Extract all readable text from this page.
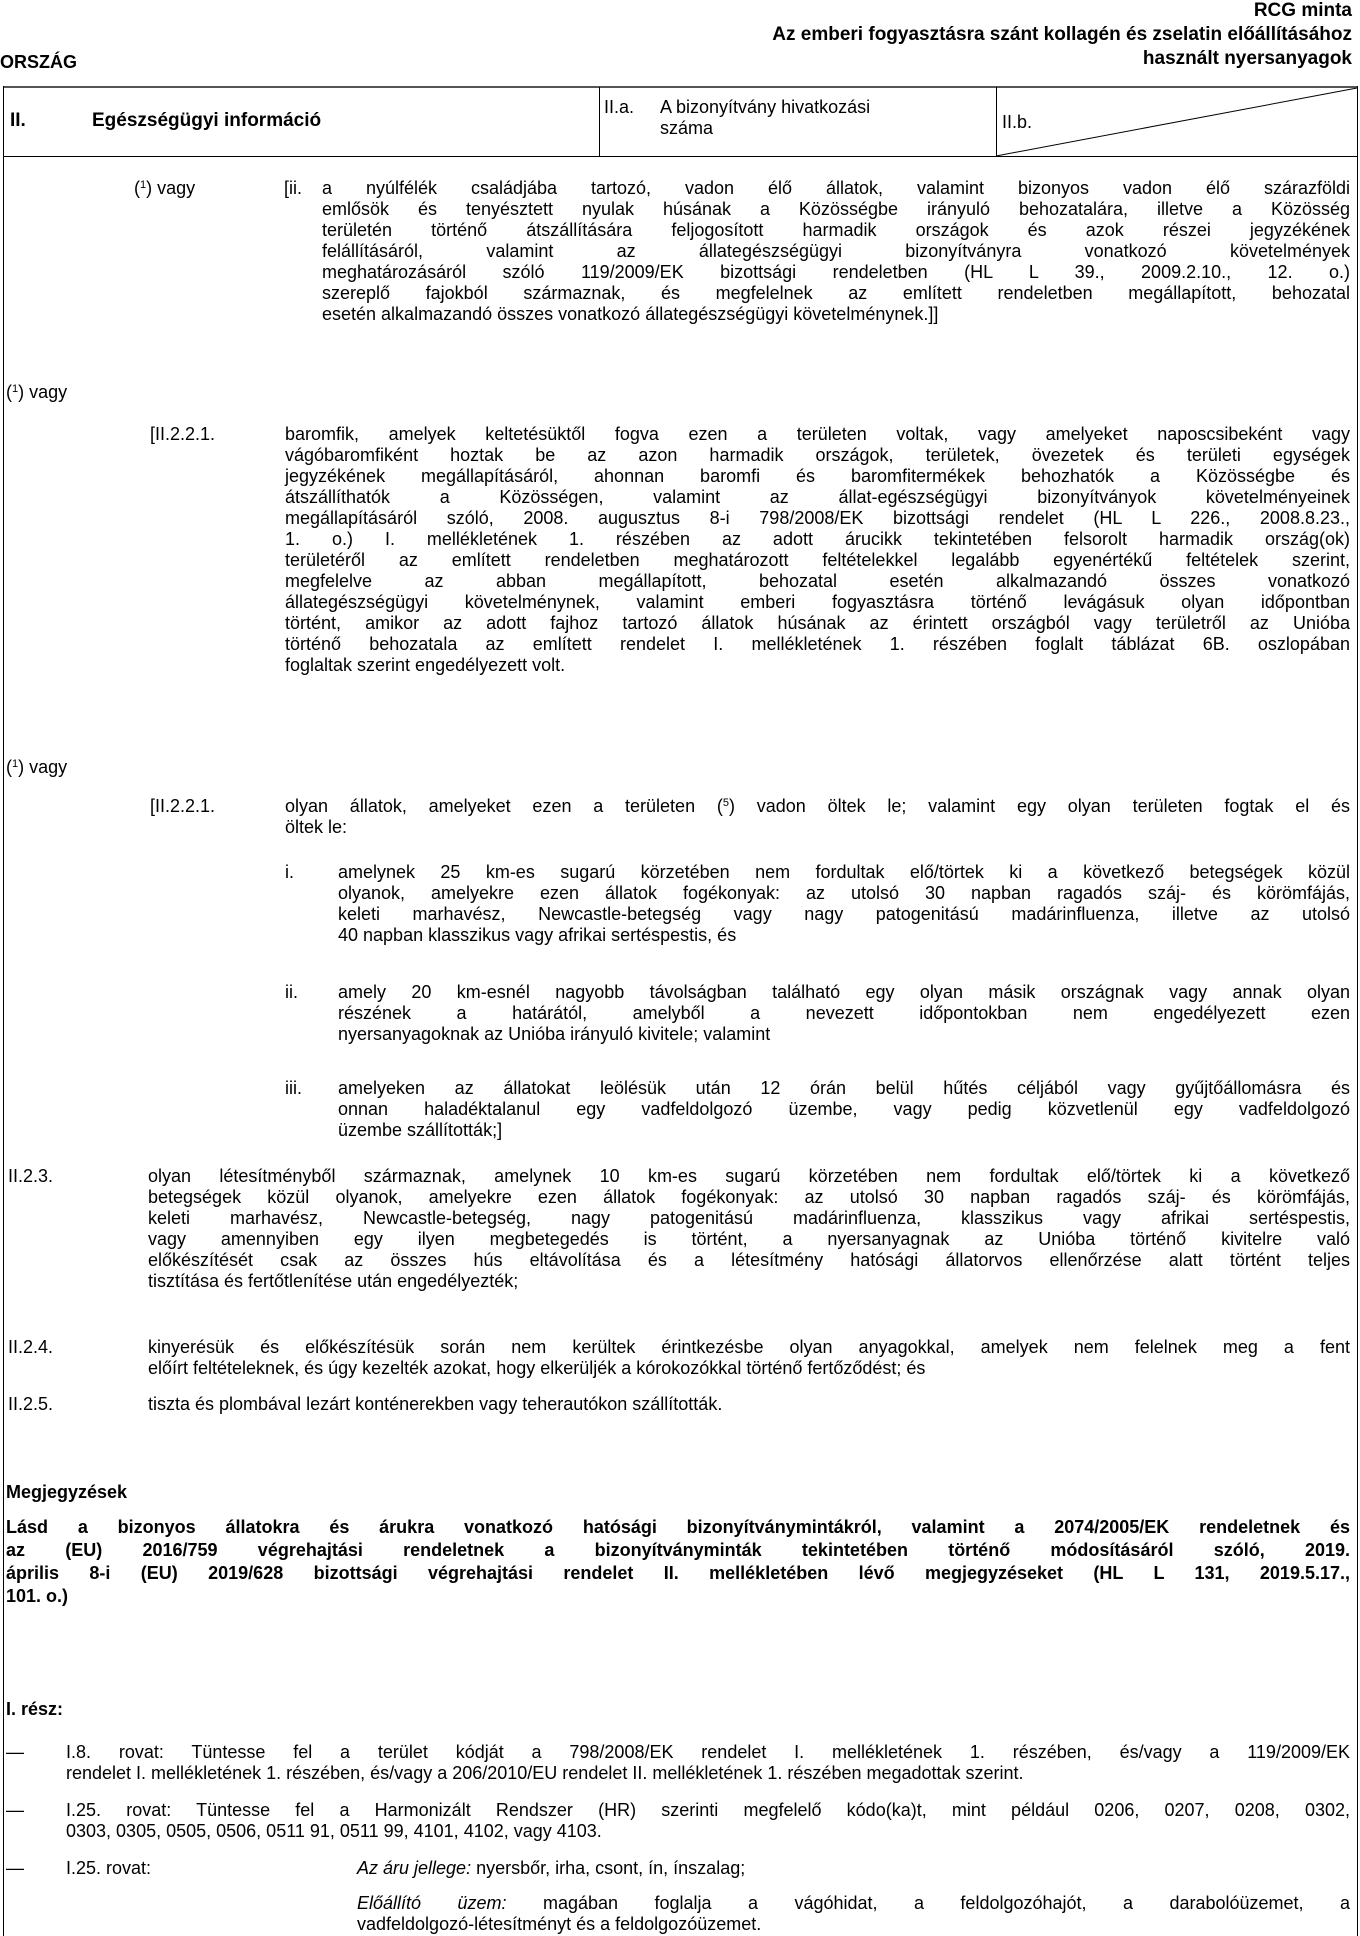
RCG minta
Az emberi fogyasztásra szánt kollagén és zselatin előállításához
használt nyersanyagok
ORSZÁG
II.	Egészségügyi információ
II.a. A bizonyítvány hivatkozási
száma	II.b.
($^1$) vagy	[ii. a nyúlfélék családjába tartozó, vadon élő állatok, valamint bizonyos vadon élő szárazföldi
emlősök és tenyésztett nyulak húsának a Közösségbe irányuló behozatalára, illetve a Közösség
területén történő átszállítására feljogosított harmadik országok és azok részei jegyzékének
felállításáról, valamint az állategészségügyi bizonyítványra vonatkozó követelmények
meghatározásáról szóló 119/2009/EK bizottsági rendeletben (HL L 39., 2009.2.10., 12. o.)
szereplő fajokból származnak, és megfelelnek az említett rendeletben megállapított, behozatal
esetén alkalmazandó összes vonatkozó állategészségügyi követelménynek.]]
($^1$) vagy
[II.2.2.1.	baromfik, amelyek keltetésüktől fogva ezen a területen voltak, vagy amelyeket naposcsibeként vagy
vágóbaromfiként hoztak be az azon harmadik országok, területek, övezetek és területi egységek
jegyzékének megállapításáról, ahonnan baromfi és baromfitermékek behozhatók a Közösségbe és
átszállíthatók a Közösségen, valamint az állat-egészségügyi bizonyítványok követelményeinek
megállapításáról szóló, 2008. augusztus 8-i 798/2008/EK bizottsági rendelet (HL L 226., 2008.8.23.,
1. o.) I. mellékletének 1. részében az adott árucikk tekintetében felsorolt harmadik ország(ok)
területéről az említett rendeletben meghatározott feltételekkel legalább egyenértékű feltételek szerint,
megfelelve az abban megállapított, behozatal esetén alkalmazandó összes vonatkozó
állategészségügyi követelménynek, valamint emberi fogyasztásra történő levágásuk olyan időpontban
történt, amikor az adott fajhoz tartozó állatok húsának az érintett országból vagy területről az Unióba
történő behozatala az említett rendelet I. mellékletének 1. részében foglalt táblázat 6B. oszlopában
foglaltak szerint engedélyezett volt.
($^1$) vagy
[II.2.2.1.	olyan állatok, amelyeket ezen a területen ($^5$) vadon öltek le; valamint egy olyan területen fogtak el és
öltek le:
i. amelynek 25 km-es sugarú körzetében nem fordultak elő/törtek ki a következő betegségek közül
olyanok, amelyekre ezen állatok fogékonyak: az utolsó 30 napban ragadós száj- és körömfájás,
keleti marhavész, Newcastle-betegség vagy nagy patogenitású madárinfluenza, illetve az utolsó
40 napban klasszikus vagy afrikai sertéspestis, és
ii. amely 20 km-esnél nagyobb távolságban található egy olyan másik országnak vagy annak olyan
részének a határától, amelyből a nevezett időpontokban nem engedélyezett ezen
nyersanyagoknak az Unióba irányuló kivitele; valamint
iii. amelyeken az állatokat leölésük után 12 órán belül hűtés céljából vagy gyűjtőállomásra és
onnan haladéktalanul egy vadfeldolgozó üzembe, vagy pedig közvetlenül egy vadfeldolgozó
üzembe szállították;]
II.2.3.	olyan létesítményből származnak, amelynek 10 km-es sugarú körzetében nem fordultak elő/törtek ki a következő
betegségek közül olyanok, amelyekre ezen állatok fogékonyak: az utolsó 30 napban ragadós száj- és körömfájás,
keleti marhavész, Newcastle-betegség, nagy patogenitású madárinfluenza, klasszikus vagy afrikai sertéspestis,
vagy amennyiben egy ilyen megbetegedés is történt, a nyersanyagnak az Unióba történő kivitelre való
előkészítését csak az összes hús eltávolítása és a létesítmény hatósági állatorvos ellenőrzése alatt történt teljes
tisztítása és fertőtlenítése után engedélyezték;
II.2.4.	kinyerésük és előkészítésük során nem kerültek érintkezésbe olyan anyagokkal, amelyek nem felelnek meg a fent
előírt feltételeknek, és úgy kezelték azokat, hogy elkerüljék a kórokozókkal történő fertőződést; és
II.2.5.	tiszta és plombával lezárt konténerekben vagy teherautókon szállították.
Megjegyzések
Lásd a bizonyos állatokra és árukra vonatkozó hatósági bizonyítványmintákról, valamint a 2074/2005/EK rendeletnek és
az (EU) 2016/759 végrehajtási rendeletnek a bizonyítványminták tekintetében történő módosításáról szóló, 2019.
április 8-i (EU) 2019/628 bizottsági végrehajtási rendelet II. mellékletében lévő megjegyzéseket (HL L 131, 2019.5.17.,
101. o.)
I. rész:
— I.8. rovat: Tüntesse fel a terület kódját a 798/2008/EK rendelet I. mellékletének 1. részében, és/vagy a 119/2009/EK
rendelet I. mellékletének 1. részében, és/vagy a 206/2010/EU rendelet II. mellékletének 1. részében megadottak szerint.
— I.25. rovat: Tüntesse fel a Harmonizált Rendszer (HR) szerinti megfelelő kódo(ka)t, mint például 0206, 0207, 0208, 0302,
0303, 0305, 0505, 0506, 0511 91, 0511 99, 4101, 4102, vagy 4103.
— I.25. rovat:	Az áru jellege: nyersbőr, irha, csont, ín, ínszalag;
Előállító üzem: magában foglalja a vágóhidat, a feldolgozóhajót, a darabolóüzemet, a
vadfeldolgozó-létesítményt és a feldolgozóüzemet.
